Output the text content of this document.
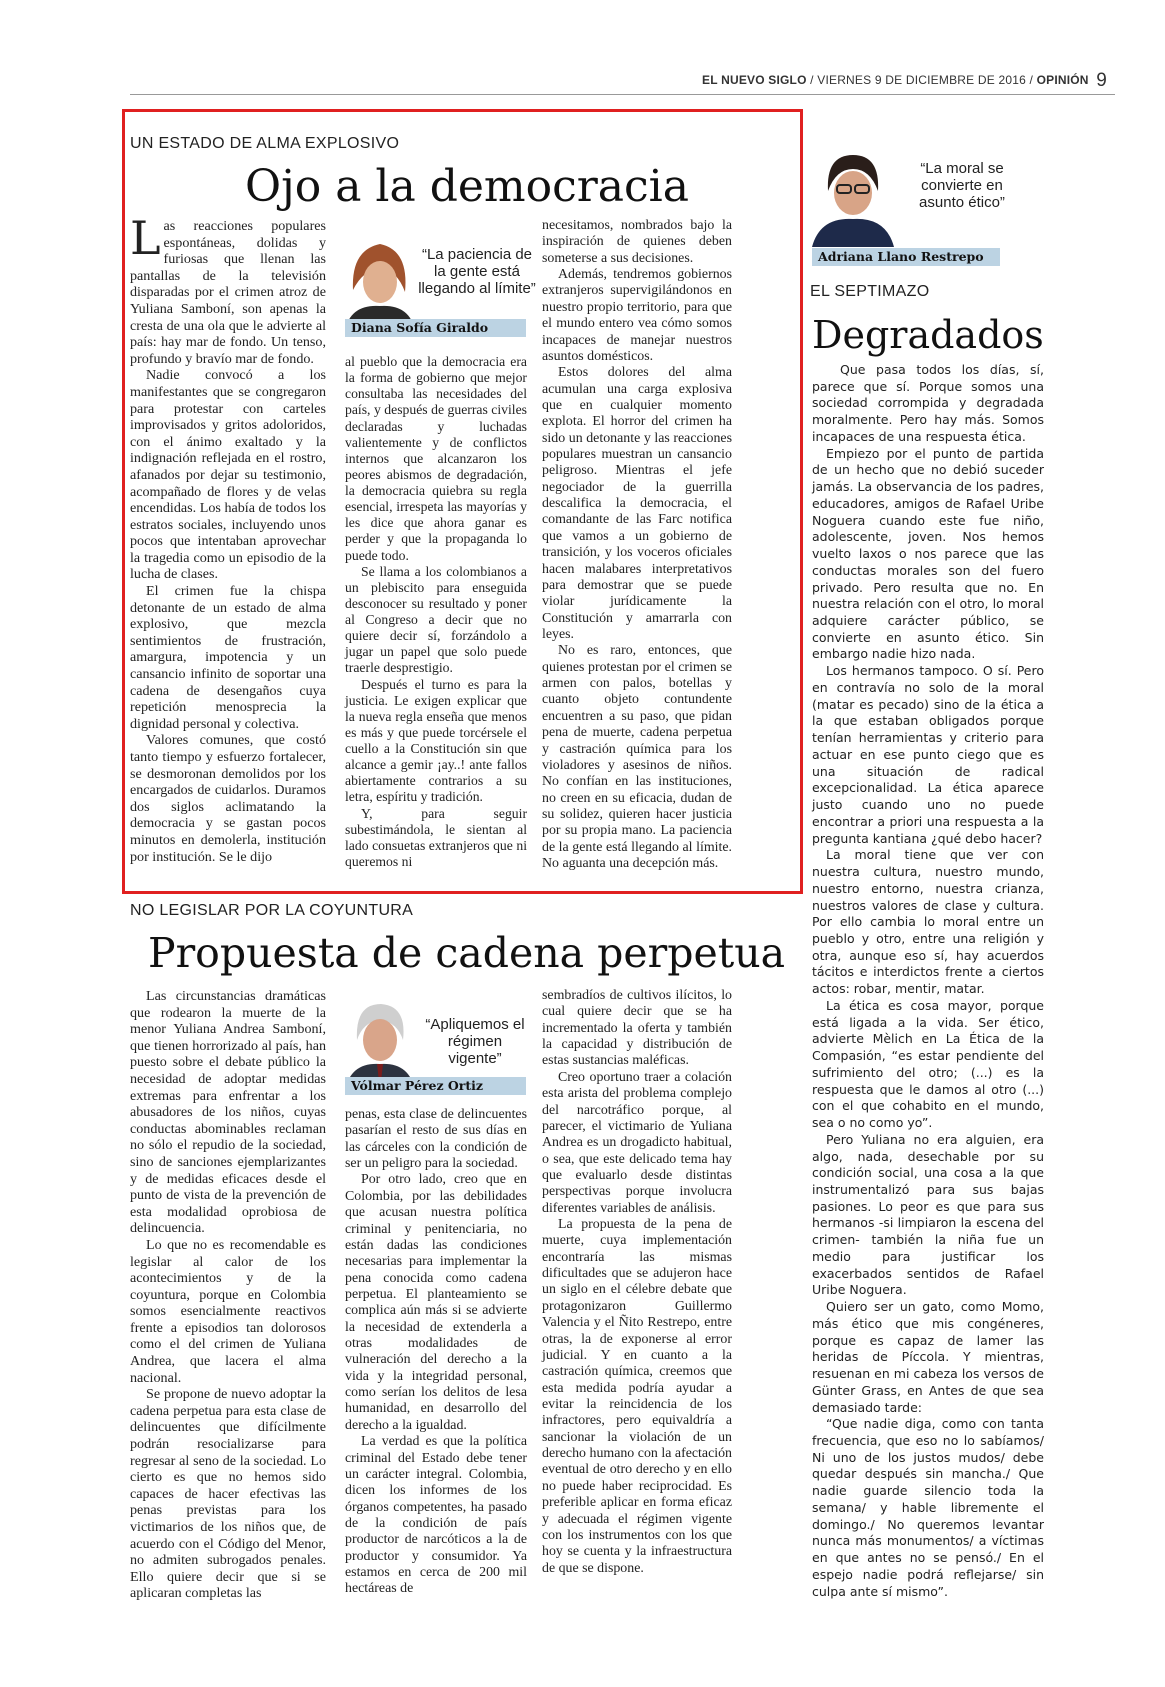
EL NUEVO SIGLO / VIERNES 9 DE DICIEMBRE DE 2016 / OPINIÓN 9
UN ESTADO DE ALMA EXPLOSIVO
Ojo a la democracia

Las reacciones populares espontáneas, dolidas y furiosas que llenan las pantallas de la televisión disparadas por el crimen atroz de Yuliana Samboní, son apenas la cresta de una ola que le advierte al país: hay mar de fondo. Un tenso, profundo y bravío mar de fondo.

Nadie convocó a los manifestantes que se congregaron para protestar con carteles improvisados y gritos adoloridos, con el ánimo exaltado y la indignación reflejada en el rostro, afanados por dejar su testimonio, acompañado de flores y de velas encendidas. Los había de todos los estratos sociales, incluyendo unos pocos que intentaban aprovechar la tragedia como un episodio de la lucha de clases.

El crimen fue la chispa detonante de un estado de alma explosivo, que mezcla sentimientos de frustración, amargura, impotencia y un cansancio infinito de soportar una cadena de desengaños cuya repetición menosprecia la dignidad personal y colectiva.

Valores comunes, que costó tanto tiempo y esfuerzo fortalecer, se desmoronan demolidos por los encargados de cuidarlos. Duramos dos siglos aclimatando la democracia y se gastan pocos minutos en demolerla, institución por institución. Se le dijo

“La paciencia de la gente está llegando al límite”
Diana Sofía Giraldo

al pueblo que la democracia era la forma de gobierno que mejor consultaba las necesidades del país, y después de guerras civiles declaradas y luchadas valientemente y de conflictos internos que alcanzaron los peores abismos de degradación, la democracia quiebra su regla esencial, irrespeta las mayorías y les dice que ahora ganar es perder y que la propaganda lo puede todo.

Se llama a los colombianos a un plebiscito para enseguida desconocer su resultado y poner al Congreso a decir que no quiere decir sí, forzándolo a jugar un papel que solo puede traerle desprestigio.

Después el turno es para la justicia. Le exigen explicar que la nueva regla enseña que menos es más y que puede torcérsele el cuello a la Constitución sin que alcance a gemir ¡ay..! ante fallos abiertamente contrarios a su letra, espíritu y tradición.

Y, para seguir subestimándola, le sientan al lado consuetas extranjeros que ni queremos ni

necesitamos, nombrados bajo la inspiración de quienes deben someterse a sus decisiones.

Además, tendremos gobiernos extranjeros supervigilándonos en nuestro propio territorio, para que el mundo entero vea cómo somos incapaces de manejar nuestros asuntos domésticos.

Estos dolores del alma acumulan una carga explosiva que en cualquier momento explota. El horror del crimen ha sido un detonante y las reacciones populares muestran un cansancio peligroso. Mientras el jefe negociador de la guerrilla descalifica la democracia, el comandante de las Farc notifica que vamos a un gobierno de transición, y los voceros oficiales hacen malabares interpretativos para demostrar que se puede violar jurídicamente la Constitución y amarrarla con leyes.

No es raro, entonces, que quienes protestan por el crimen se armen con palos, botellas y cuanto objeto contundente encuentren a su paso, que pidan pena de muerte, cadena perpetua y castración química para los violadores y asesinos de niños. No confían en las instituciones, no creen en su eficacia, dudan de su solidez, quieren hacer justicia por su propia mano. La paciencia de la gente está llegando al límite. No aguanta una decepción más.

NO LEGISLAR POR LA COYUNTURA
Propuesta de cadena perpetua

Las circunstancias dramáticas que rodearon la muerte de la menor Yuliana Andrea Samboní, que tienen horrorizado al país, han puesto sobre el debate público la necesidad de adoptar medidas extremas para enfrentar a los abusadores de los niños, cuyas conductas abominables reclaman no sólo el repudio de la sociedad, sino de sanciones ejemplarizantes y de medidas eficaces desde el punto de vista de la prevención de esta modalidad oprobiosa de delincuencia.

Lo que no es recomendable es legislar al calor de los acontecimientos y de la coyuntura, porque en Colombia somos esencialmente reactivos frente a episodios tan dolorosos como el del crimen de Yuliana Andrea, que lacera el alma nacional.

Se propone de nuevo adoptar la cadena perpetua para esta clase de delincuentes que difícilmente podrán resocializarse para regresar al seno de la sociedad. Lo cierto es que no hemos sido capaces de hacer efectivas las penas previstas para los victimarios de los niños que, de acuerdo con el Código del Menor, no admiten subrogados penales. Ello quiere decir que si se aplicaran completas las

“Apliquemos el régimen vigente”
Vólmar Pérez Ortiz

penas, esta clase de delincuentes pasarían el resto de sus días en las cárceles con la condición de ser un peligro para la sociedad.

Por otro lado, creo que en Colombia, por las debilidades que acusan nuestra política criminal y penitenciaria, no están dadas las condiciones necesarias para implementar la pena conocida como cadena perpetua. El planteamiento se complica aún más si se advierte la necesidad de extenderla a otras modalidades de vulneración del derecho a la vida y la integridad personal, como serían los delitos de lesa humanidad, en desarrollo del derecho a la igualdad.

La verdad es que la política criminal del Estado debe tener un carácter integral. Colombia, dicen los informes de los órganos competentes, ha pasado de la condición de país productor de narcóticos a la de productor y consumidor. Ya estamos en cerca de 200 mil hectáreas de

sembradíos de cultivos ilícitos, lo cual quiere decir que se ha incrementado la oferta y también la capacidad y distribución de estas sustancias maléficas.

Creo oportuno traer a colación esta arista del problema complejo del narcotráfico porque, al parecer, el victimario de Yuliana Andrea es un drogadicto habitual, o sea, que este delicado tema hay que evaluarlo desde distintas perspectivas porque involucra diferentes variables de análisis.

La propuesta de la pena de muerte, cuya implementación encontraría las mismas dificultades que se adujeron hace un siglo en el célebre debate que protagonizaron Guillermo Valencia y el Ñito Restrepo, entre otras, la de exponerse al error judicial. Y en cuanto a la castración química, creemos que esta medida podría ayudar a evitar la reincidencia de los infractores, pero equivaldría a sancionar la violación de un derecho humano con la afectación eventual de otro derecho y en ello no puede haber reciprocidad. Es preferible aplicar en forma eficaz y adecuada el régimen vigente con los instrumentos con los que hoy se cuenta y la infraestructura de que se dispone.

“La moral se convierte en asunto ético”
Adriana Llano Restrepo
EL SEPTIMAZO
Degradados

Que pasa todos los días, sí, parece que sí. Porque somos una sociedad corrompida y degradada moralmente. Pero hay más. Somos incapaces de una respuesta ética.

Empiezo por el punto de partida de un hecho que no debió suceder jamás. La observancia de los padres, educadores, amigos de Rafael Uribe Noguera cuando este fue niño, adolescente, joven. Nos hemos vuelto laxos o nos parece que las conductas morales son del fuero privado. Pero resulta que no. En nuestra relación con el otro, lo moral adquiere carácter público, se convierte en asunto ético. Sin embargo nadie hizo nada.

Los hermanos tampoco. O sí. Pero en contravía no solo de la moral (matar es pecado) sino de la ética a la que estaban obligados porque tenían herramientas y criterio para actuar en ese punto ciego que es una situación de radical excepcionalidad. La ética aparece justo cuando uno no puede encontrar a priori una respuesta a la pregunta kantiana ¿qué debo hacer?

La moral tiene que ver con nuestra cultura, nuestro mundo, nuestro entorno, nuestra crianza, nuestros valores de clase y cultura. Por ello cambia lo moral entre un pueblo y otro, entre una religión y otra, aunque eso sí, hay acuerdos tácitos e interdictos frente a ciertos actos: robar, mentir, matar.

La ética es cosa mayor, porque está ligada a la vida. Ser ético, advierte Mèlich en La Ética de la Compasión, “es estar pendiente del sufrimiento del otro; (...) es la respuesta que le damos al otro (...) con el que cohabito en el mundo, sea o no como yo”.

Pero Yuliana no era alguien, era algo, nada, desechable por su condición social, una cosa a la que instrumentalizó para sus bajas pasiones. Lo peor es que para sus hermanos -si limpiaron la escena del crimen- también la niña fue un medio para justificar los exacerbados sentidos de Rafael Uribe Noguera.

Quiero ser un gato, como Momo, más ético que mis congéneres, porque es capaz de lamer las heridas de Píccola. Y mientras, resuenan en mi cabeza los versos de Günter Grass, en Antes de que sea demasiado tarde:

“Que nadie diga, como con tanta frecuencia, que eso no lo sabíamos/ Ni uno de los justos mudos/ debe quedar después sin mancha./ Que nadie guarde silencio toda la semana/ y hable libremente el domingo./ No queremos levantar nunca más monumentos/ a víctimas en que antes no se pensó./ En el espejo nadie podrá reflejarse/ sin culpa ante sí mismo”.
